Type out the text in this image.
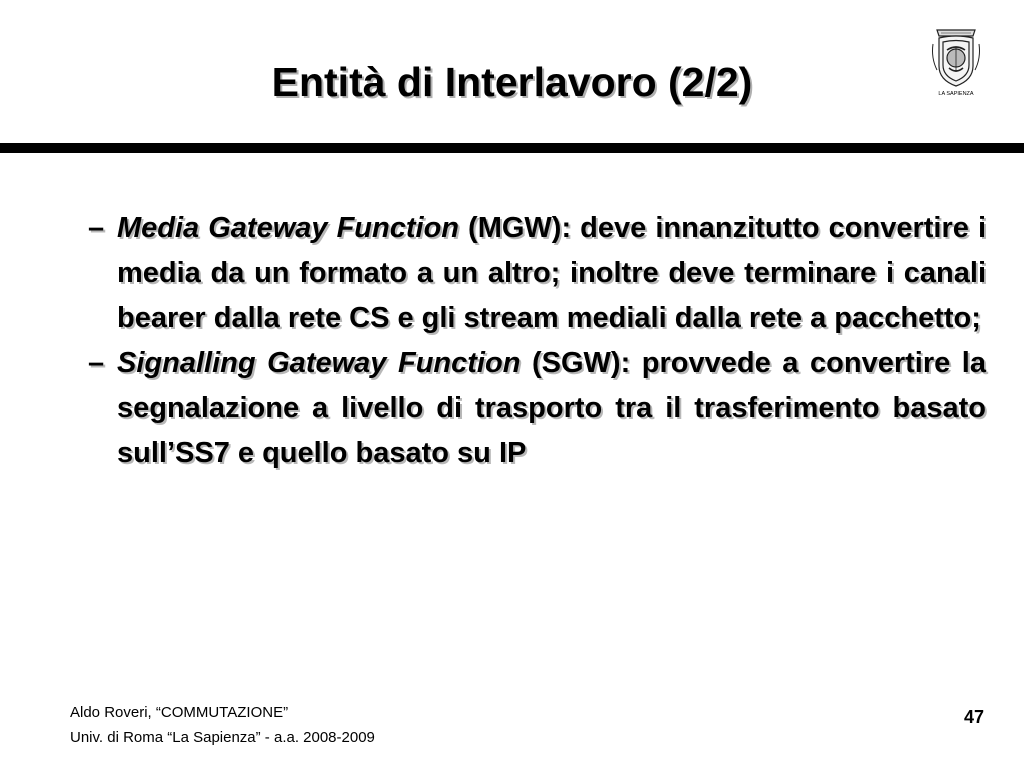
LA SAPIENZA
Entità di Interlavoro (2/2)
– Media Gateway Function (MGW): deve innanzitutto convertire i media da un formato a un altro; inoltre deve terminare i canali bearer dalla rete CS e gli stream mediali dalla rete a pacchetto;
– Signalling Gateway Function (SGW): provvede a convertire la segnalazione a livello di trasporto tra il trasferimento basato sull’SS7 e quello basato su IP
Aldo Roveri, “COMMUTAZIONE”
Univ. di Roma “La Sapienza” - a.a. 2008-2009
47
